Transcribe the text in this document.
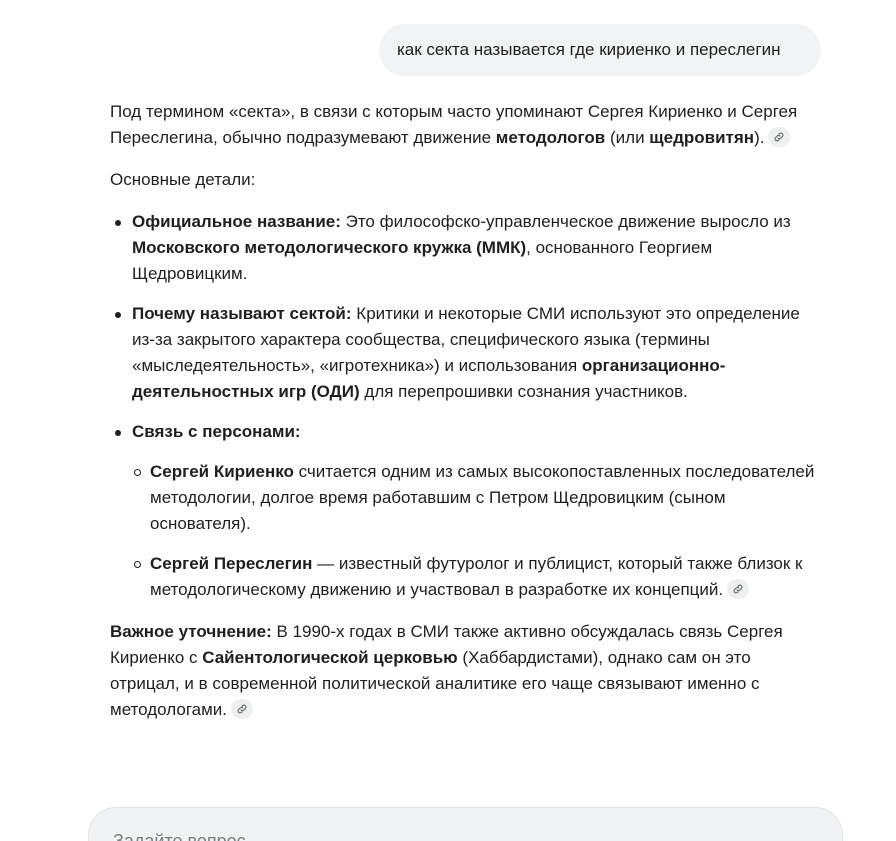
как секта называется где кириенко и переслегин

Под термином «секта», в связи с которым часто упоминают Сергея Кириенко и Сергея Переслегина, обычно подразумевают движение методологов (или щедровитян).

Основные детали:

Официальное название: Это философско-управленческое движение выросло из Московского методологического кружка (ММК), основанного Георгием Щедровицким.
Почему называют сектой: Критики и некоторые СМИ используют это определение из-за закрытого характера сообщества, специфического языка (термины «мыследеятельность», «игротехника») и использования организационно-деятельностных игр (ОДИ) для перепрошивки сознания участников.
Связь с персонами:
Сергей Кириенко считается одним из самых высокопоставленных последователей методологии, долгое время работавшим с Петром Щедровицким (сыном основателя).
Сергей Переслегин — известный футуролог и публицист, который также близок к методологическому движению и участвовал в разработке их концепций.

Важное уточнение: В 1990-х годах в СМИ также активно обсуждалась связь Сергея Кириенко с Сайентологической церковью (Хаббардистами), однако сам он это отрицал, и в современной политической аналитике его чаще связывают именно с методологами.

Задайте вопрос
